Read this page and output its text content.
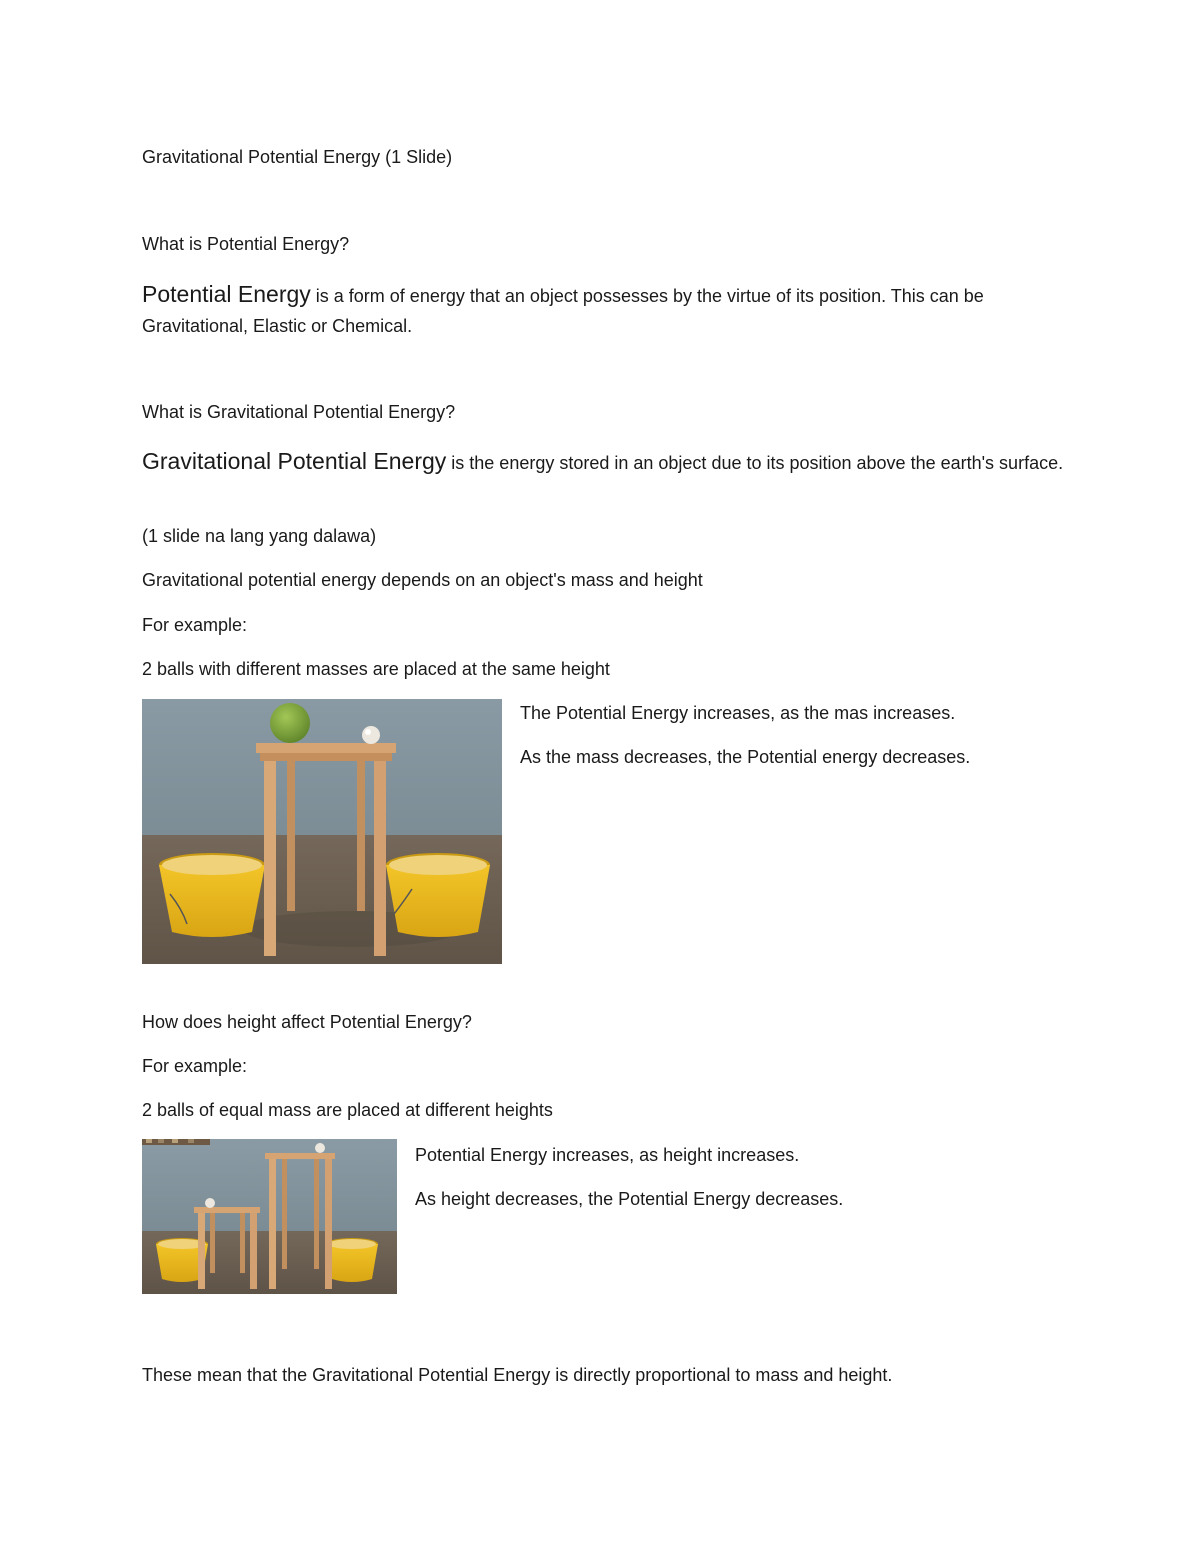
Gravitational Potential Energy (1 Slide)
What is Potential Energy?
Potential Energy is a form of energy that an object possesses by the virtue of its position. This can be Gravitational, Elastic or Chemical.
What is Gravitational Potential Energy?
Gravitational Potential Energy is the energy stored in an object due to its position above the earth's surface.
(1 slide na lang yang dalawa)
Gravitational potential energy depends on an object's mass and height
For example:
2 balls with different masses are placed at the same height
The Potential Energy increases, as the mas increases.
As the mass decreases, the Potential energy decreases.
How does height affect Potential Energy?
For example:
2 balls of equal mass are placed at different heights
Potential Energy increases, as height increases.
As height decreases, the Potential Energy decreases.
These mean that the Gravitational Potential Energy is directly proportional to mass and height.
